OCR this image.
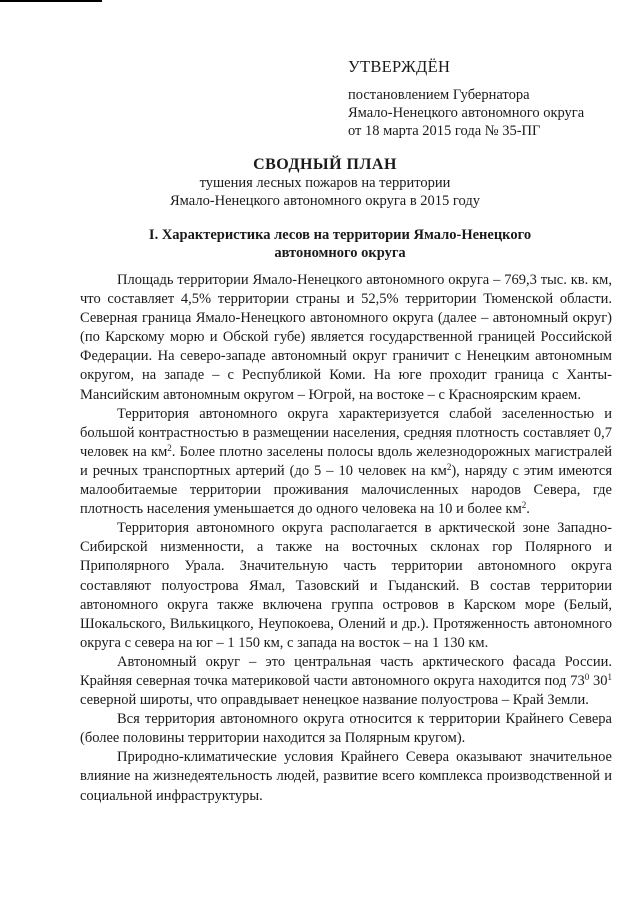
УТВЕРЖДЁН
постановлением Губернатора
Ямало-Ненецкого автономного округа
от 18 марта 2015 года № 35-ПГ
СВОДНЫЙ ПЛАН
тушения лесных пожаров на территории
Ямало-Ненецкого автономного округа в 2015 году
I. Характеристика лесов на территории Ямало-Ненецкого
автономного округа

Площадь территории Ямало-Ненецкого автономного округа – 769,3 тыс. кв. км, что составляет 4,5% территории страны и 52,5% территории Тюменской области. Северная граница Ямало-Ненецкого автономного округа (далее – автономный округ) (по Карскому морю и Обской губе) является государственной границей Российской Федерации. На северо-западе автономный округ граничит с Ненецким автономным округом, на западе – с Республикой Коми. На юге проходит граница с Ханты-Мансийским автономным округом – Югрой, на востоке – с Красноярским краем.

Территория автономного округа характеризуется слабой заселенностью и большой контрастностью в размещении населения, средняя плотность составляет 0,7 человек на $км^2$. Более плотно заселены полосы вдоль железнодорожных магистралей и речных транспортных артерий (до 5 – 10 человек на $км^2$), наряду с этим имеются малообитаемые территории проживания малочисленных народов Севера, где плотность населения уменьшается до одного человека на 10 и более $км^2$.

Территория автономного округа располагается в арктической зоне Западно-Сибирской низменности, а также на восточных склонах гор Полярного и Приполярного Урала. Значительную часть территории автономного округа составляют полуострова Ямал, Тазовский и Гыданский. В состав территории автономного округа также включена группа островов в Карском море (Белый, Шокальского, Вилькицкого, Неупокоева, Олений и др.). Протяженность автономного округа с севера на юг – 1 150 км, с запада на восток – на 1 130 км.

Автономный округ – это центральная часть арктического фасада России. Крайняя северная точка материковой части автономного округа находится под $73^0$ $30^1$ северной широты, что оправдывает ненецкое название полуострова – Край Земли.

Вся территория автономного округа относится к территории Крайнего Севера (более половины территории находится за Полярным кругом).

Природно-климатические условия Крайнего Севера оказывают значительное влияние на жизнедеятельность людей, развитие всего комплекса производственной и социальной инфраструктуры.
